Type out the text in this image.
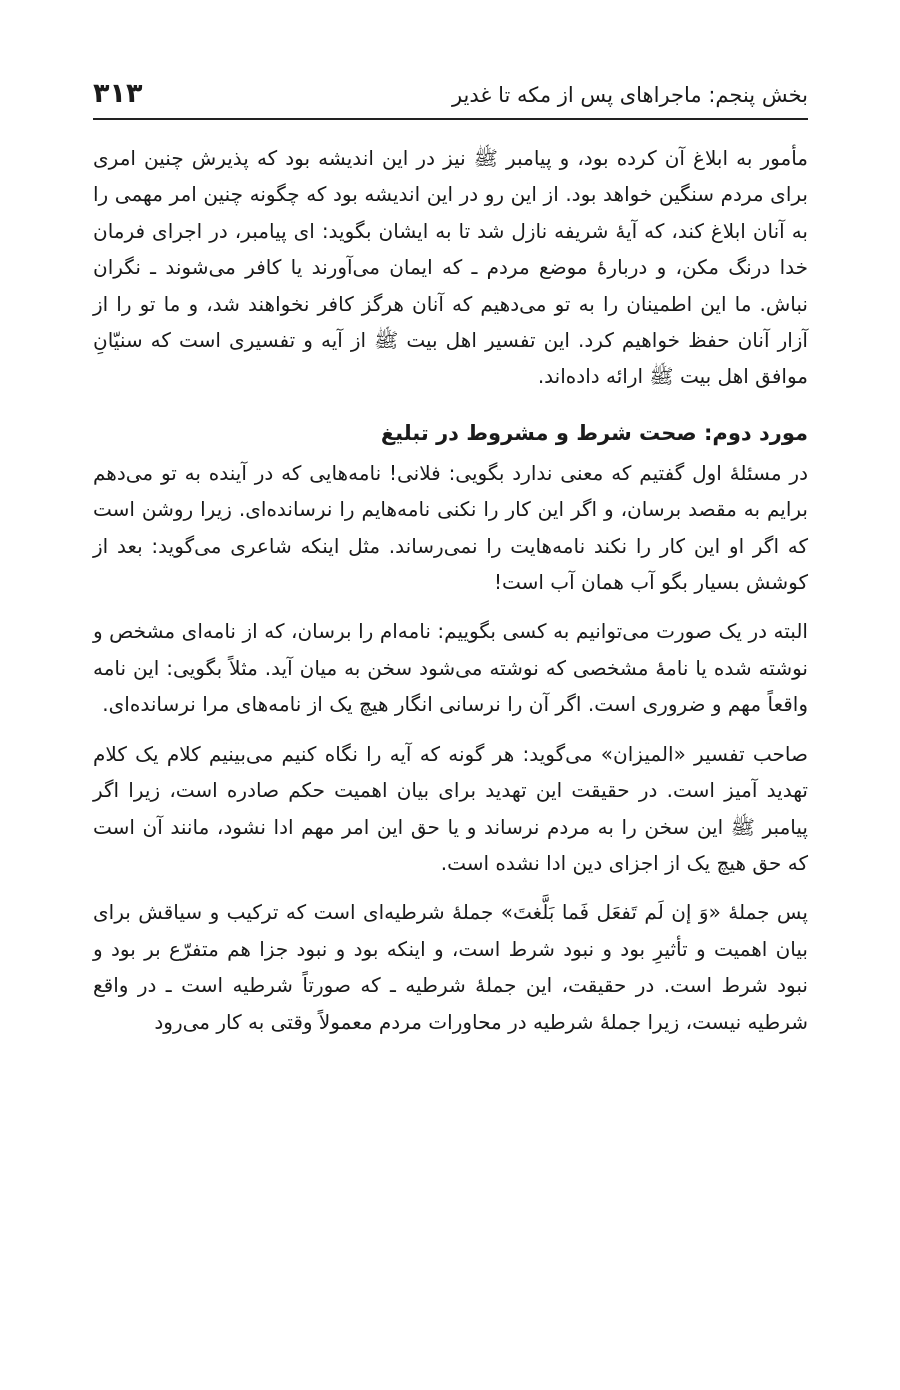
بخش پنجم: ماجراهای پس از مکه تا غدیر
۳۱۳

مأمور به ابلاغ آن کرده بود، و پیامبر ﷺ نیز در این اندیشه بود که پذیرش چنین امری برای مردم سنگین خواهد بود. از این رو در این اندیشه بود که چگونه چنین امر مهمی را به آنان ابلاغ کند، که آیهٔ شریفه نازل شد تا به ایشان بگوید: ای پیامبر، در اجرای فرمان خدا درنگ مکن، و دربارهٔ موضع مردم ـ که ایمان می‌آورند یا کافر می‌شوند ـ نگران نباش. ما این اطمینان را به تو می‌دهیم که آنان هرگز کافر نخواهند شد، و ما تو را از آزار آنان حفظ خواهیم کرد. این تفسیر اهل بیت ﷺ از آیه و تفسیری است که سنیّانِ موافق اهل بیت ﷺ ارائه داده‌اند.

مورد دوم: صحت شرط و مشروط در تبلیغ

در مسئلهٔ اول گفتیم که معنی ندارد بگویی: فلانی! نامه‌هایی که در آینده به تو می‌دهم برایم به مقصد برسان، و اگر این کار را نکنی نامه‌هایم را نرسانده‌ای. زیرا روشن است که اگر او این کار را نکند نامه‌هایت را نمی‌رساند. مثل اینکه شاعری می‌گوید: بعد از کوشش بسیار بگو آب همان آب است!

البته در یک صورت می‌توانیم به کسی بگوییم: نامه‌ام را برسان، که از نامه‌ای مشخص و نوشته شده یا نامهٔ مشخصی که نوشته می‌شود سخن به میان آید. مثلاً بگویی: این نامه واقعاً مهم و ضروری است. اگر آن را نرسانی انگار هیچ یک از نامه‌های مرا نرسانده‌ای.

صاحب تفسیر «المیزان» می‌گوید: هر گونه که آیه را نگاه کنیم می‌بینیم کلام یک کلام تهدید آمیز است. در حقیقت این تهدید برای بیان اهمیت حکم صادره است، زیرا اگر پیامبر ﷺ این سخن را به مردم نرساند و یا حق این امر مهم ادا نشود، مانند آن است که حق هیچ یک از اجزای دین ادا نشده است.

پس جملهٔ «وَ إن لَم تَفعَل فَما بَلَّغتَ» جملهٔ شرطیه‌ای است که ترکیب و سیاقش برای بیان اهمیت و تأثیرِ بود و نبود شرط است، و اینکه بود و نبود جزا هم متفرّع بر بود و نبود شرط است. در حقیقت، این جملهٔ شرطیه ـ که صورتاً شرطیه است ـ در واقع شرطیه نیست، زیرا جملهٔ شرطیه در محاورات مردم معمولاً وقتی به کار می‌رود
